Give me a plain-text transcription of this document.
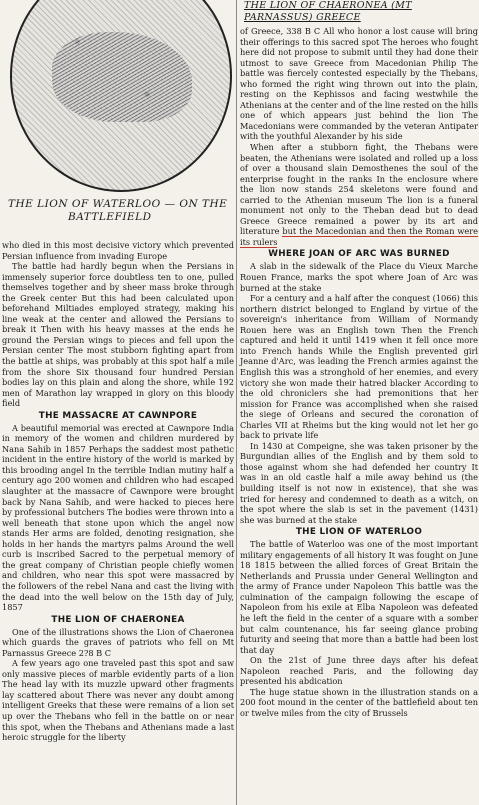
THE LION OF WATERLOO — ON THE
BATTLEFIELD

who died in this most decisive victory which prevented Persian influence from invading Europe

The battle had hardly begun when the Persians in immensely superior force doubtless ten to one, pulled themselves together and by sheer mass broke through the Greek center But this had been calculated upon beforehand Miltiades employed strategy, making his line weak at the center and allowed the Persians to break it Then with his heavy masses at the ends he ground the Persian wings to pieces and fell upon the Persian center The most stubborn fighting apart from the battle at ships, was probably at this spot half a mile from the shore Six thousand four hundred Persian bodies lay on this plain and along the shore, while 192 men of Marathon lay wrapped in glory on this bloody field

THE MASSACRE AT CAWNPORE

A beautiful memorial was erected at Cawnpore India in memory of the women and children murdered by Nana Sahib in 1857 Perhaps the saddest most pathetic incident in the entire history of the world is marked by this brooding angel In the terrible Indian mutiny half a century ago 200 women and children who had escaped slaughter at the massacre of Cawnpore were brought back by Nana Sahib, and were hacked to pieces here by professional butchers The bodies were thrown into a well beneath that stone upon which the angel now stands Her arms are folded, denoting resignation, she holds in her hands the martyrs palms Around the well curb is inscribed Sacred to the perpetual memory of the great company of Christian people chiefly women and children, who near this spot were massacred by the followers of the rebel Nana and cast the living with the dead into the well below on the 15th day of July, 1857

THE LION OF CHAERONEA

One of the illustrations shows the Lion of Chaeronea which guards the graves of patriots who fell on Mt Parnassus Greece 2?8 B C

A few years ago one traveled past this spot and saw only massive pieces of marble evidently parts of a lion The head lay with its muzzle upward other fragments lay scattered about There was never any doubt among intelligent Greeks that these were remains of a lion set up over the Thebans who fell in the battle on or near this spot, when the Thebans and Athenians made a last heroic struggle for the liberty

THE LION OF CHAERONEA (MT PARNASSUS) GREECE

of Greece, 338 B C All who honor a lost cause will bring their offerings to this sacred spot The heroes who fought here did not propose to submit until they had done their utmost to save Greece from Macedonian Philip The battle was fiercely contested especially by the Thebans, who formed the right wing thrown out into the plain, resting on the Kephissos and facing westwhile the Athenians at the center and of the line rested on the hills one of which appears just behind the lion The Macedonians were commanded by the veteran Antipater with the youthful Alexander by his side

When after a stubborn fight, the Thebans were beaten, the Athenians were isolated and rolled up a loss of over a thousand slain Demosthenes the soul of the enterprise fought in the ranks In the enclosure where the lion now stands 254 skeletons were found and carried to the Athenian museum The lion is a funeral monument not only to the Theban dead but to dead Greece Greece remained a power by its art and literature but the Macedonian and then the Roman were its rulers

WHERE JOAN OF ARC WAS BURNED

A slab in the sidewalk of the Place du Vieux Marche Rouen France, marks the spot where Joan of Arc was burned at the stake

For a century and a half after the conquest (1066) this northern district belonged to England by virtue of the sovereign's inheritance from William of Normandy Rouen here was an English town Then the French captured and held it until 1419 when it fell once more into French hands While the English prevented girl Jeanne d'Arc, was leading the French armies against the English this was a stronghold of her enemies, and every victory she won made their hatred blacker According to the old chroniclers she had premonitions that her mission for France was accomplished when she raised the siege of Orleans and secured the coronation of Charles VII at Rheims but the king would not let her go back to private life

In 1430 at Compeigne, she was taken prisoner by the Burgundian allies of the English and by them sold to those against whom she had defended her country It was in an old castle half a mile away behind us (the building itself is not now in existence), that she was tried for heresy and condemned to death as a witch, on the spot where the slab is set in the pavement (1431) she was burned at the stake

THE LION OF WATERLOO

The battle of Waterloo was one of the most important military engagements of all history It was fought on June 18 1815 between the allied forces of Great Britain the Netherlands and Prussia under General Wellington and the army of France under Napoleon This battle was the culmination of the campaign following the escape of Napoleon from his exile at Elba Napoleon was defeated he left the field in the center of a square with a somber but calm countenance, his far seeing glance probing futurity and seeing that more than a battle had been lost that day

On the 21st of June three days after his defeat Napoleon reached Paris, and the following day presented his abdication

The huge statue shown in the illustration stands on a 200 foot mound in the center of the battlefield about ten or twelve miles from the city of Brussels
